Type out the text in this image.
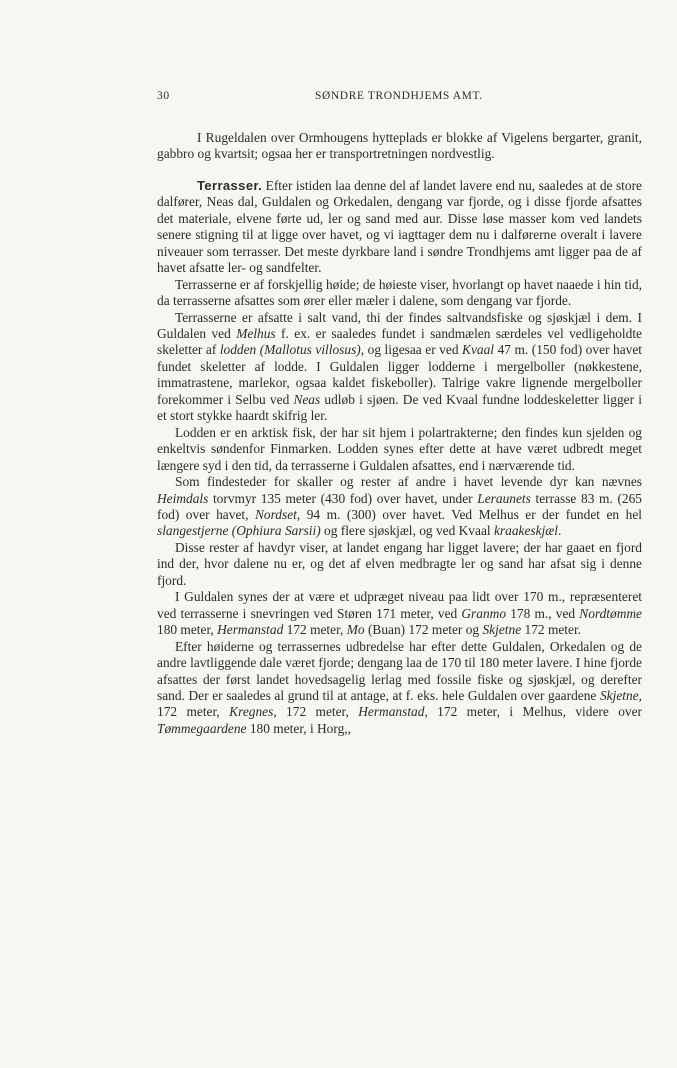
30	SØNDRE TRONDHJEMS AMT.

I Rugeldalen over Ormhougens hytteplads er blokke af Vigelens bergarter, granit, gabbro og kvartsit; ogsaa her er transportretningen nordvestlig.

Terrasser. Efter istiden laa denne del af landet lavere end nu, saaledes at de store dalfører, Neas dal, Guldalen og Orkedalen, dengang var fjorde, og i disse fjorde afsattes det materiale, elvene førte ud, ler og sand med aur. Disse løse masser kom ved landets senere stigning til at ligge over havet, og vi iagttager dem nu i dalførerne overalt i lavere niveauer som terrasser. Det meste dyrkbare land i søndre Trondhjems amt ligger paa de af havet afsatte ler- og sandfelter.

Terrasserne er af forskjellig høide; de høieste viser, hvorlangt op havet naaede i hin tid, da terrasserne afsattes som ører eller mæler i dalene, som dengang var fjorde.

Terrasserne er afsatte i salt vand, thi der findes saltvandsfiske og sjøskjæl i dem. I Guldalen ved Melhus f. ex. er saaledes fundet i sandmælen særdeles vel vedligeholdte skeletter af lodden (Mallotus villosus), og ligesaa er ved Kvaal 47 m. (150 fod) over havet fundet skeletter af lodde. I Guldalen ligger lodderne i mergelboller (nøkkestene, immatrastene, marlekor, ogsaa kaldet fiskeboller). Talrige vakre lignende mergelboller forekommer i Selbu ved Neas udløb i sjøen. De ved Kvaal fundne loddeskeletter ligger i et stort stykke haardt skifrig ler.

Lodden er en arktisk fisk, der har sit hjem i polartrakterne; den findes kun sjelden og enkeltvis søndenfor Finmarken. Lodden synes efter dette at have været udbredt meget længere syd i den tid, da terrasserne i Guldalen afsattes, end i nærværende tid.

Som findesteder for skaller og rester af andre i havet levende dyr kan nævnes Heimdals torvmyr 135 meter (430 fod) over havet, under Leraunets terrasse 83 m. (265 fod) over havet, Nordset, 94 m. (300) over havet. Ved Melhus er der fundet en hel slangestjerne (Ophiura Sarsii) og flere sjøskjæl, og ved Kvaal kraakeskjæl.

Disse rester af havdyr viser, at landet engang har ligget lavere; der har gaaet en fjord ind der, hvor dalene nu er, og det af elven medbragte ler og sand har afsat sig i denne fjord.

I Guldalen synes der at være et udpræget niveau paa lidt over 170 m., repræsenteret ved terrasserne i snevringen ved Støren 171 meter, ved Granmo 178 m., ved Nordtømme 180 meter, Hermanstad 172 meter, Mo (Buan) 172 meter og Skjetne 172 meter.

Efter høiderne og terrassernes udbredelse har efter dette Guldalen, Orkedalen og de andre lavtliggende dale været fjorde; dengang laa de 170 til 180 meter lavere. I hine fjorde afsattes der først landet hovedsagelig lerlag med fossile fiske og sjøskjæl, og derefter sand. Der er saaledes al grund til at antage, at f. eks. hele Guldalen over gaardene Skjetne, 172 meter, Kregnes, 172 meter, Hermanstad, 172 meter, i Melhus, videre over Tømmegaardene 180 meter, i Horg,,
